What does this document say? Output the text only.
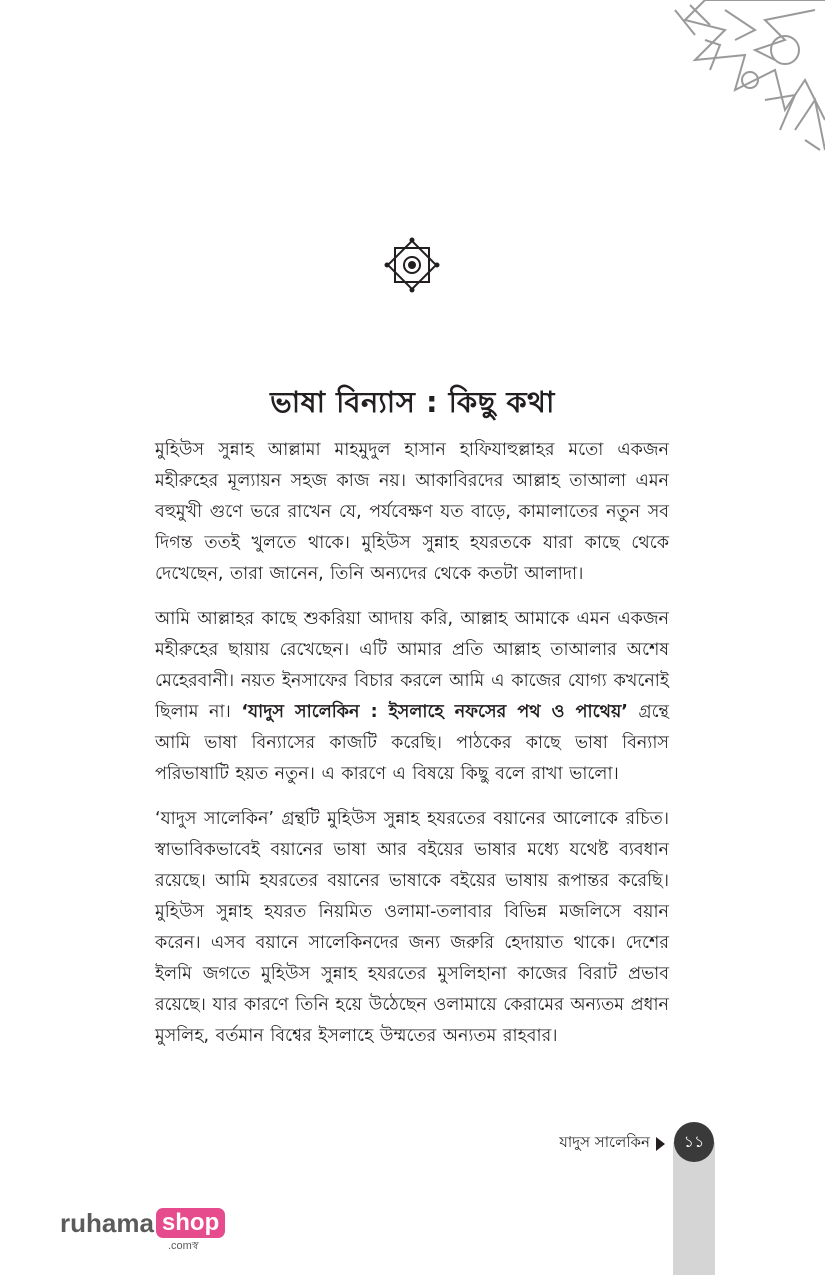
ভাষা বিন্যাস : কিছু কথা

মুহিউস সুন্নাহ আল্লামা মাহমুদুল হাসান হাফিযাহুল্লাহর মতো একজন মহীরুহের মূল্যায়ন সহজ কাজ নয়। আকাবিরদের আল্লাহ তাআলা এমন বহুমুখী গুণে ভরে রাখেন যে, পর্যবেক্ষণ যত বাড়ে, কামালাতের নতুন সব দিগন্ত ততই খুলতে থাকে। মুহিউস সুন্নাহ হযরতকে যারা কাছে থেকে দেখেছেন, তারা জানেন, তিনি অন্যদের থেকে কতটা আলাদা।

আমি আল্লাহর কাছে শুকরিয়া আদায় করি, আল্লাহ আমাকে এমন একজন মহীরুহের ছায়ায় রেখেছেন। এটি আমার প্রতি আল্লাহ তাআলার অশেষ মেহেরবানী। নয়ত ইনসাফের বিচার করলে আমি এ কাজের যোগ্য কখনোই ছিলাম না। ‘যাদুস সালেকিন : ইসলাহে নফসের পথ ও পাথেয়’ গ্রন্থে আমি ভাষা বিন্যাসের কাজটি করেছি। পাঠকের কাছে ভাষা বিন্যাস পরিভাষাটি হয়ত নতুন। এ কারণে এ বিষয়ে কিছু বলে রাখা ভালো।

‘যাদুস সালেকিন’ গ্রন্থটি মুহিউস সুন্নাহ হযরতের বয়ানের আলোকে রচিত। স্বাভাবিকভাবেই বয়ানের ভাষা আর বইয়ের ভাষার মধ্যে যথেষ্ট ব্যবধান রয়েছে। আমি হযরতের বয়ানের ভাষাকে বইয়ের ভাষায় রূপান্তর করেছি। মুহিউস সুন্নাহ হযরত নিয়মিত ওলামা-তলাবার বিভিন্ন মজলিসে বয়ান করেন। এসব বয়ানে সালেকিনদের জন্য জরুরি হেদায়াত থাকে। দেশের ইলমি জগতে মুহিউস সুন্নাহ হযরতের মুসলিহানা কাজের বিরাট প্রভাব রয়েছে। যার কারণে তিনি হয়ে উঠেছেন ওলামায়ে কেরামের অন্যতম প্রধান মুসলিহ, বর্তমান বিশ্বের ইসলাহে উম্মতের অন্যতম রাহবার।

যাদুস সালেকিন	১১
ruhama shop
.comস্ব
